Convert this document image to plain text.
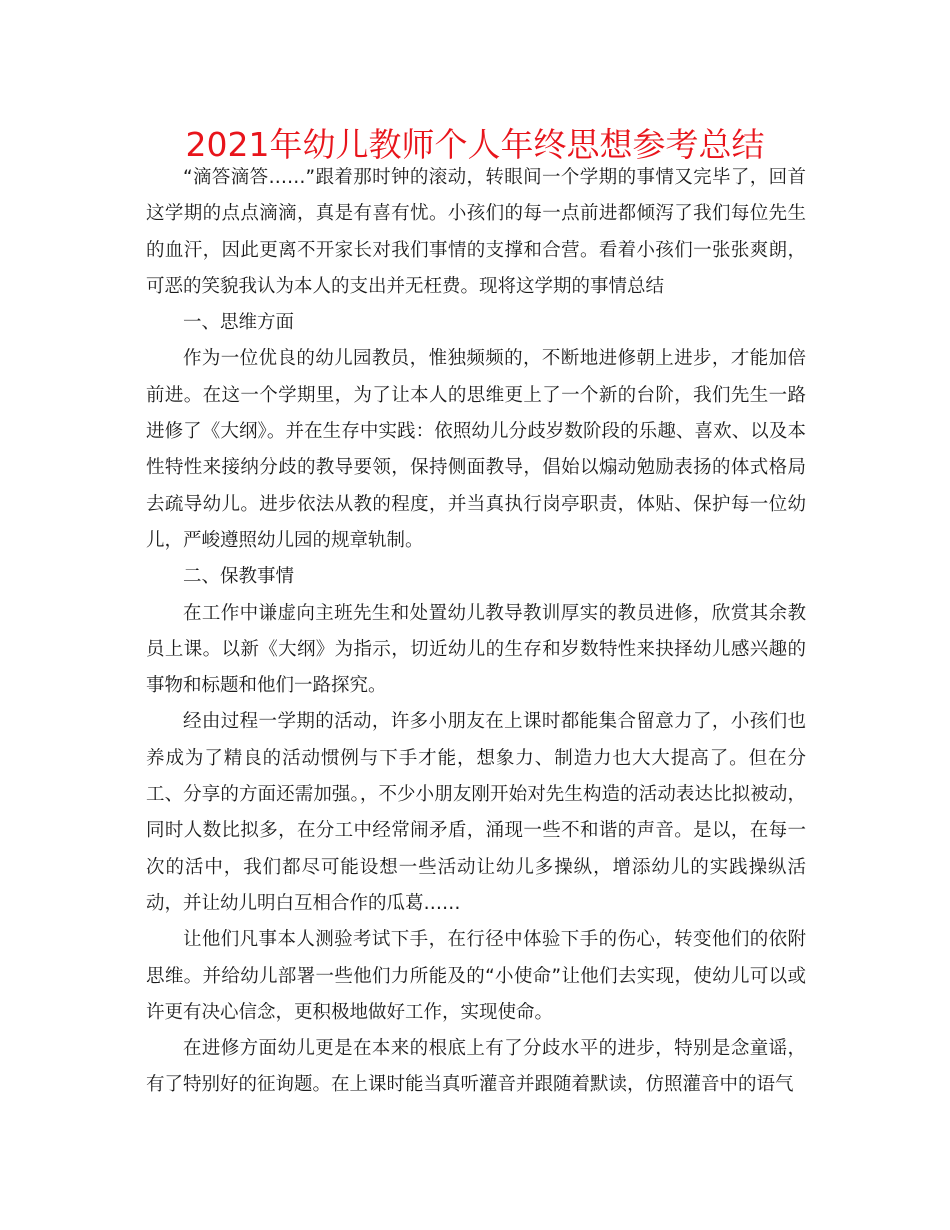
2021年幼儿教师个人年终思想参考总结

“滴答滴答……”跟着那时钟的滚动，转眼间一个学期的事情又完毕了，回首这学期的点点滴滴，真是有喜有忧。小孩们的每一点前进都倾泻了我们每位先生的血汗，因此更离不开家长对我们事情的支撑和合营。看着小孩们一张张爽朗，可恶的笑貌我认为本人的支出并无枉费。现将这学期的事情总结

一、思维方面

作为一位优良的幼儿园教员，惟独频频的，不断地进修朝上进步，才能加倍前进。在这一个学期里，为了让本人的思维更上了一个新的台阶，我们先生一路进修了《大纲》。并在生存中实践：依照幼儿分歧岁数阶段的乐趣、喜欢、以及本性特性来接纳分歧的教导要领，保持侧面教导，倡始以煽动勉励表扬的体式格局去疏导幼儿。进步依法从教的程度，并当真执行岗亭职责，体贴、保护每一位幼儿，严峻遵照幼儿园的规章轨制。

二、保教事情

在工作中谦虚向主班先生和处置幼儿教导教训厚实的教员进修，欣赏其余教员上课。以新《大纲》为指示，切近幼儿的生存和岁数特性来抉择幼儿感兴趣的事物和标题和他们一路探究。

经由过程一学期的活动，许多小朋友在上课时都能集合留意力了，小孩们也养成为了精良的活动惯例与下手才能，想象力、制造力也大大提高了。但在分工、分享的方面还需加强。，不少小朋友刚开始对先生构造的活动表达比拟被动，同时人数比拟多，在分工中经常闹矛盾，涌现一些不和谐的声音。是以，在每一次的活中，我们都尽可能设想一些活动让幼儿多操纵，增添幼儿的实践操纵活动，并让幼儿明白互相合作的瓜葛……

让他们凡事本人测验考试下手，在行径中体验下手的伤心，转变他们的依附思维。并给幼儿部署一些他们力所能及的“小使命”让他们去实现，使幼儿可以或许更有决心信念，更积极地做好工作，实现使命。

在进修方面幼儿更是在本来的根底上有了分歧水平的进步，特别是念童谣，有了特别好的征询题。在上课时能当真听灌音并跟随着默读，仿照灌音中的语气
